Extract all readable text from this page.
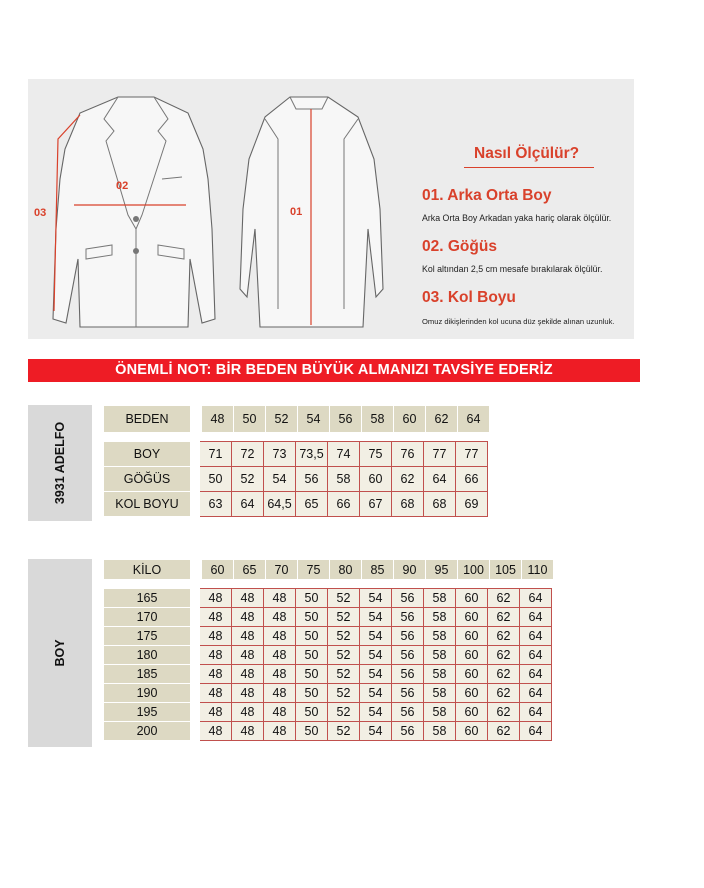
03
02
01
Nasıl Ölçülür?
01. Arka Orta Boy
Arka Orta Boy Arkadan yaka hariç olarak ölçülür.
02. Göğüs
Kol altından 2,5 cm mesafe bırakılarak ölçülür.
03. Kol Boyu
Omuz dikişlerinden kol ucuna düz şekilde alınan uzunluk.
ÖNEMLİ NOT: BİR BEDEN BÜYÜK ALMANIZI TAVSİYE EDERİZ
3931 ADELFO
BEDEN		48	50	52	54	56	58	60	62	64
BOY		71	72	73	73,5	74	75	76	77	77
GÖĞÜS		50	52	54	56	58	60	62	64	66
KOL BOYU		63	64	64,5	65	66	67	68	68	69
BOY
KİLO		60	65	70	75	80	85	90	95	100	105	110
165		48	48	48	50	52	54	56	58	60	62	64
170		48	48	48	50	52	54	56	58	60	62	64
175		48	48	48	50	52	54	56	58	60	62	64
180		48	48	48	50	52	54	56	58	60	62	64
185		48	48	48	50	52	54	56	58	60	62	64
190		48	48	48	50	52	54	56	58	60	62	64
195		48	48	48	50	52	54	56	58	60	62	64
200		48	48	48	50	52	54	56	58	60	62	64
